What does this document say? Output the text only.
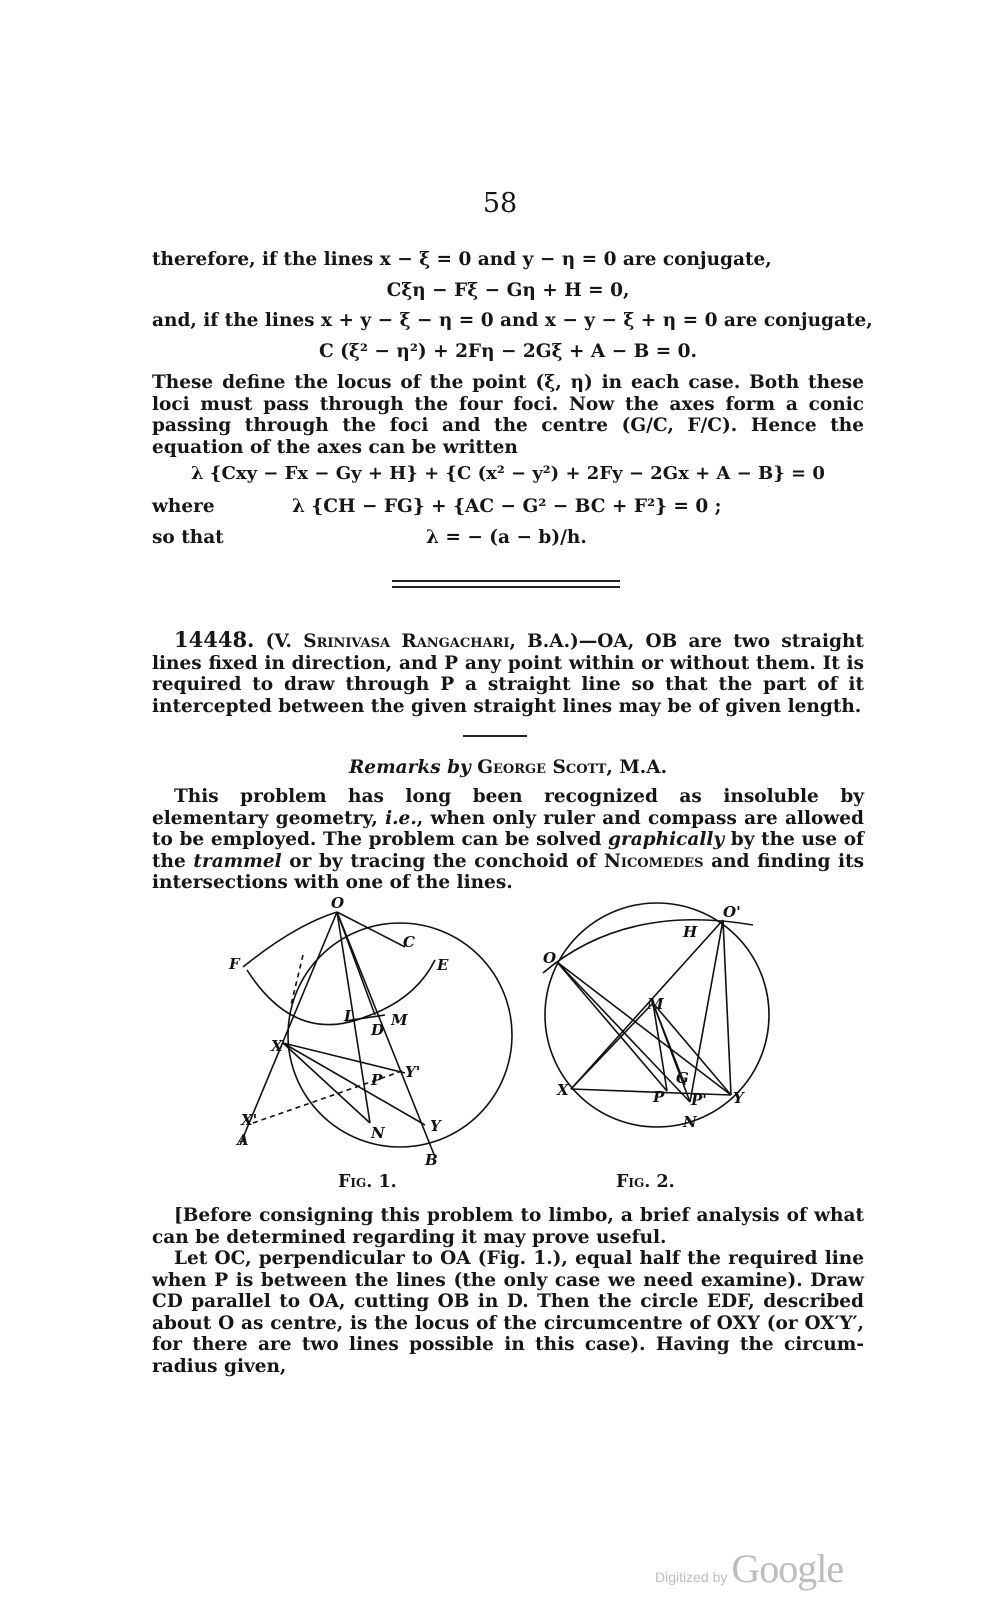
58
therefore, if the lines x − ξ = 0 and y − η = 0 are conjugate,
Cξη − Fξ − Gη + H = 0,
and, if the lines x + y − ξ − η = 0 and x − y − ξ + η = 0 are conjugate,
C (ξ² − η²) + 2Fη − 2Gξ + A − B = 0.
These define the locus of the point (ξ, η) in each case. Both these loci must pass through the four foci. Now the axes form a conic passing through the foci and the centre (G/C, F/C). Hence the equation of the axes can be written
λ {Cxy − Fx − Gy + H} + {C (x² − y²) + 2Fy − 2Gx + A − B} = 0
where	λ {CH − FG} + {AC − G² − BC + F²} = 0 ;
so that	λ = − (a − b)/h.
14448. (V. Srinivasa Rangachari, B.A.)—OA, OB are two straight lines fixed in direction, and P any point within or without them. It is required to draw through P a straight line so that the part of it intercepted between the given straight lines may be of given length.
Remarks by George Scott, M.A.
This problem has long been recognized as insoluble by elementary geometry, i.e., when only ruler and compass are allowed to be employed. The problem can be solved graphically by the use of the trammel or by tracing the conchoid of Nicomedes and finding its intersections with one of the lines.
O
C
E
F
L
D
M
X
P Y'
X'
A	N	Y
B
O'
H
O
M
X
G
P P' Y
N
Fig. 1.	Fig. 2.
[Before consigning this problem to limbo, a brief analysis of what can be determined regarding it may prove useful.
Let OC, perpendicular to OA (Fig. 1.), equal half the required line when P is between the lines (the only case we need examine). Draw CD parallel to OA, cutting OB in D. Then the circle EDF, described about O as centre, is the locus of the circumcentre of OXY (or OX′Y′, for there are two lines possible in this case). Having the circum-radius given,
Digitized by Google
